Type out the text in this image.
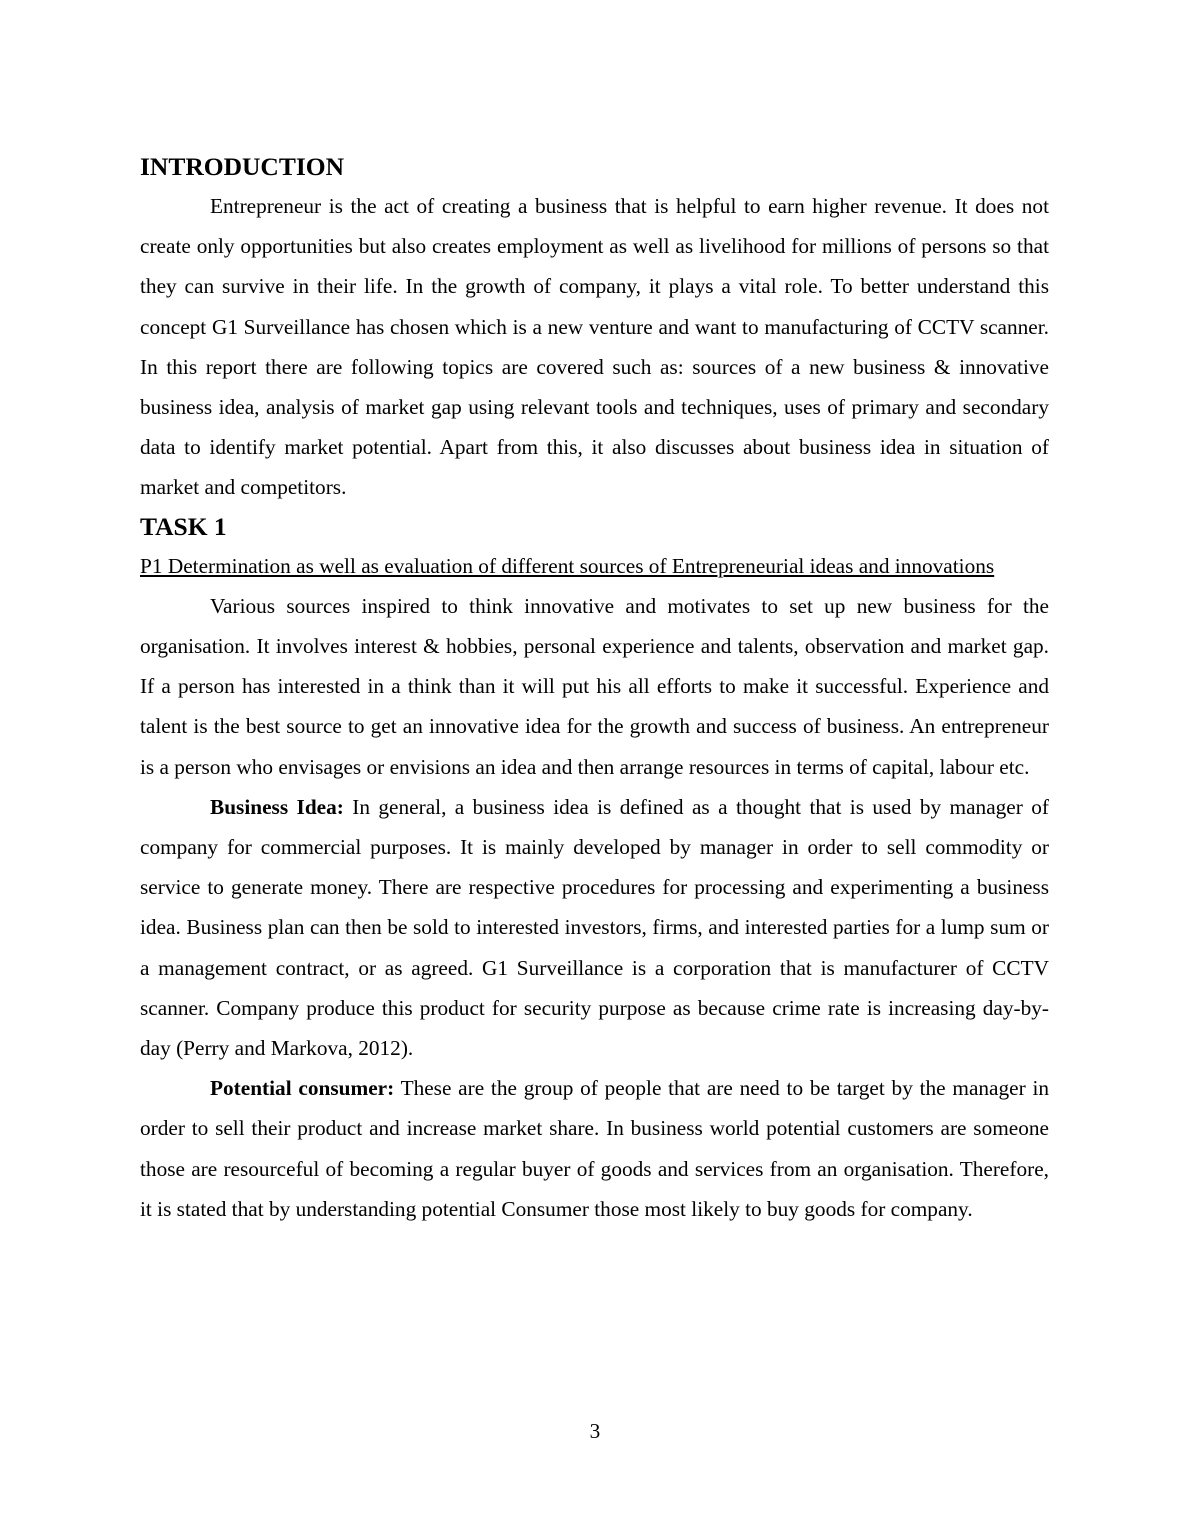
INTRODUCTION

Entrepreneur is the act of creating a business that is helpful to earn higher revenue. It does not create only opportunities but also creates employment as well as livelihood for millions of persons so that they can survive in their life. In the growth of company, it plays a vital role. To better understand this concept G1 Surveillance has chosen which is a new venture and want to manufacturing of CCTV scanner. In this report there are following topics are covered such as: sources of a new business & innovative business idea, analysis of market gap using relevant tools and techniques, uses of primary and secondary data to identify market potential. Apart from this, it also discusses about business idea in situation of market and competitors.

TASK 1

P1 Determination as well as evaluation of different sources of Entrepreneurial ideas and innovations

Various sources inspired to think innovative and motivates to set up new business for the organisation. It involves interest & hobbies, personal experience and talents, observation and market gap. If a person has interested in a think than it will put his all efforts to make it successful. Experience and talent is the best source to get an innovative idea for the growth and success of business. An entrepreneur is a person who envisages or envisions an idea and then arrange resources in terms of capital, labour etc.

Business Idea: In general, a business idea is defined as a thought that is used by manager of company for commercial purposes. It is mainly developed by manager in order to sell commodity or service to generate money. There are respective procedures for processing and experimenting a business idea. Business plan can then be sold to interested investors, firms, and interested parties for a lump sum or a management contract, or as agreed. G1 Surveillance is a corporation that is manufacturer of CCTV scanner. Company produce this product for security purpose as because crime rate is increasing day-by-day (Perry and Markova, 2012).

Potential consumer: These are the group of people that are need to be target by the manager in order to sell their product and increase market share. In business world potential customers are someone those are resourceful of becoming a regular buyer of goods and services from an organisation. Therefore, it is stated that by understanding potential Consumer those most likely to buy goods for company.

3
